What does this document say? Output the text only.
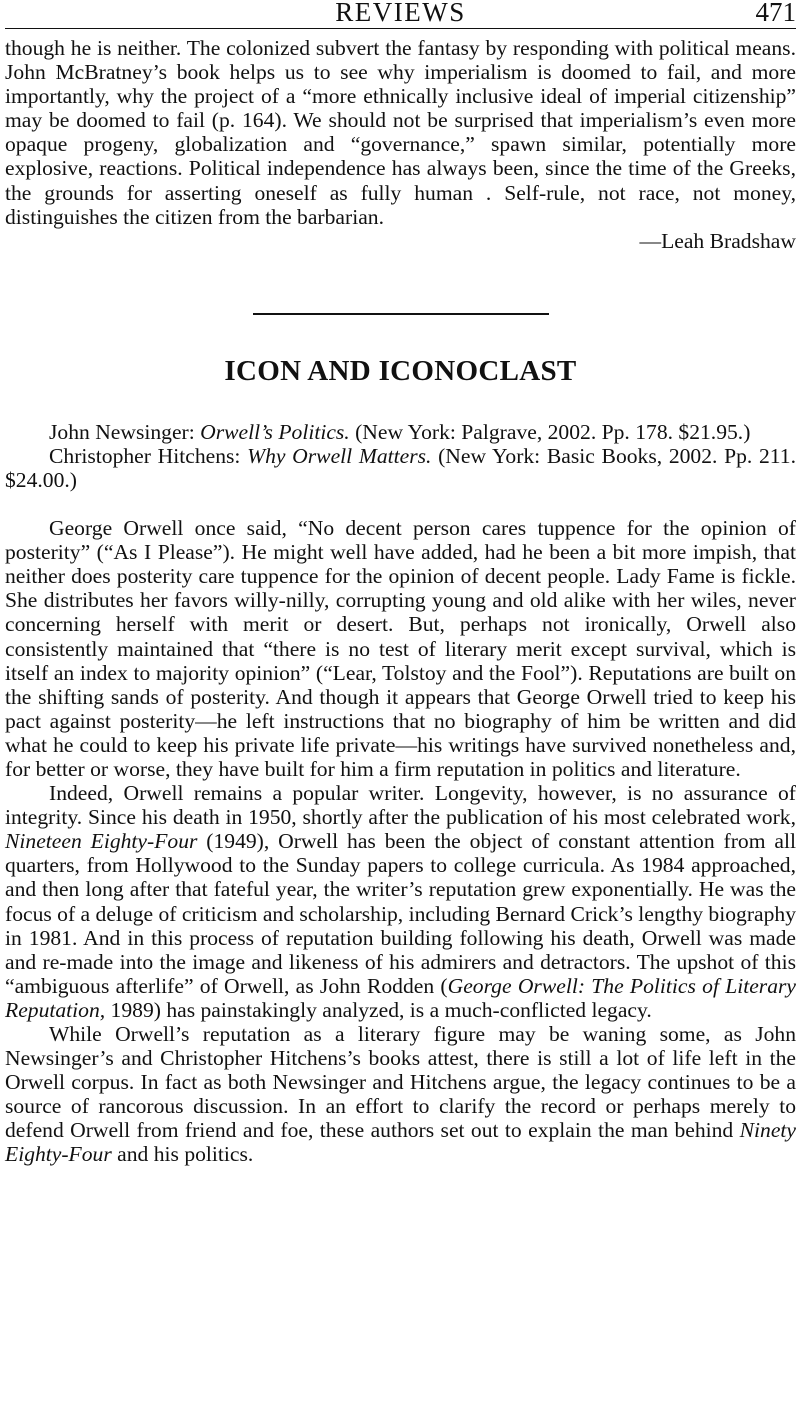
REVIEWS	471

though he is neither. The colonized subvert the fantasy by responding with political means. John McBratney’s book helps us to see why imperialism is doomed to fail, and more importantly, why the project of a “more ethnically inclusive ideal of imperial citizenship” may be doomed to fail (p. 164). We should not be surprised that imperialism’s even more opaque progeny, globalization and “governance,” spawn similar, potentially more explosive, reactions. Political independence has always been, since the time of the Greeks, the grounds for asserting oneself as fully human . Self-rule, not race, not money, distinguishes the citizen from the barbarian.

—Leah Bradshaw
ICON AND ICONOCLAST
John Newsinger: Orwell’s Politics. (New York: Palgrave, 2002. Pp. 178. $21.95.)
Christopher Hitchens: Why Orwell Matters. (New York: Basic Books, 2002. Pp. 211. $24.00.)

George Orwell once said, “No decent person cares tuppence for the opinion of posterity” (“As I Please”). He might well have added, had he been a bit more impish, that neither does posterity care tuppence for the opinion of decent people. Lady Fame is fickle. She distributes her favors willy-nilly, corrupting young and old alike with her wiles, never concerning herself with merit or desert. But, perhaps not ironically, Orwell also consistently maintained that “there is no test of literary merit except survival, which is itself an index to majority opinion” (“Lear, Tolstoy and the Fool”). Reputations are built on the shifting sands of posterity. And though it appears that George Orwell tried to keep his pact against posterity—he left instructions that no biography of him be written and did what he could to keep his private life private—his writings have survived nonetheless and, for better or worse, they have built for him a firm reputation in politics and literature.

Indeed, Orwell remains a popular writer. Longevity, however, is no assurance of integrity. Since his death in 1950, shortly after the publication of his most celebrated work, Nineteen Eighty-Four (1949), Orwell has been the object of constant attention from all quarters, from Hollywood to the Sunday papers to college curricula. As 1984 approached, and then long after that fateful year, the writer’s reputation grew exponentially. He was the focus of a deluge of criticism and scholarship, including Bernard Crick’s lengthy biography in 1981. And in this process of reputation building following his death, Orwell was made and re-made into the image and likeness of his admirers and detractors. The upshot of this “ambiguous afterlife” of Orwell, as John Rodden (George Orwell: The Politics of Literary Reputation, 1989) has painstakingly analyzed, is a much-conflicted legacy.

While Orwell’s reputation as a literary figure may be waning some, as John Newsinger’s and Christopher Hitchens’s books attest, there is still a lot of life left in the Orwell corpus. In fact as both Newsinger and Hitchens argue, the legacy continues to be a source of rancorous discussion. In an effort to clarify the record or perhaps merely to defend Orwell from friend and foe, these authors set out to explain the man behind Ninety Eighty-Four and his politics.
